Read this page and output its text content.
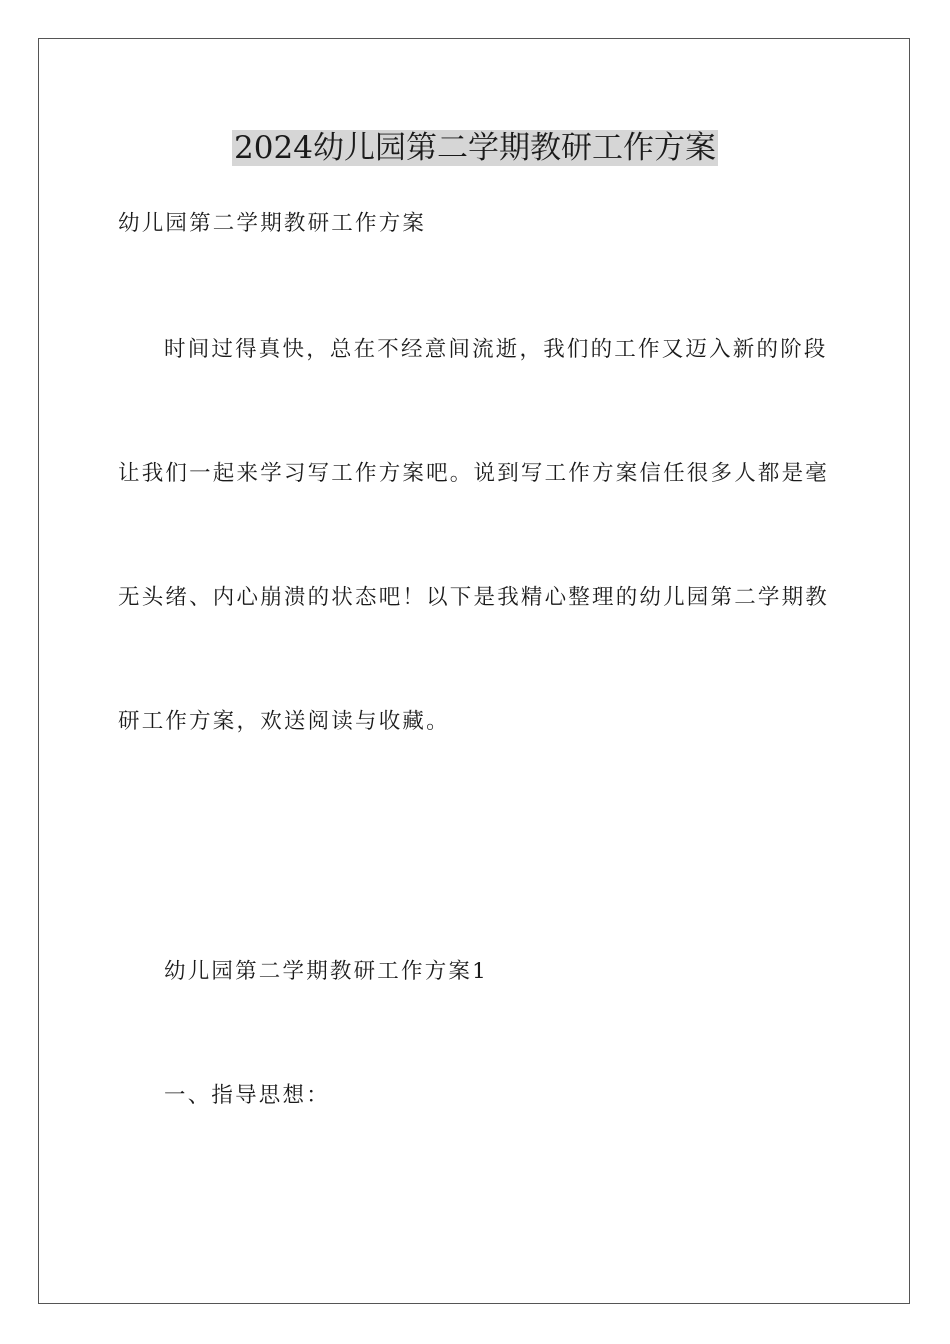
2024幼儿园第二学期教研工作方案

幼儿园第二学期教研工作方案

时间过得真快，总在不经意间流逝，我们的工作又迈入新的阶段

让我们一起来学习写工作方案吧。说到写工作方案信任很多人都是毫

无头绪、内心崩溃的状态吧！以下是我精心整理的幼儿园第二学期教

研工作方案，欢送阅读与收藏。

幼儿园第二学期教研工作方案1

一、指导思想：
